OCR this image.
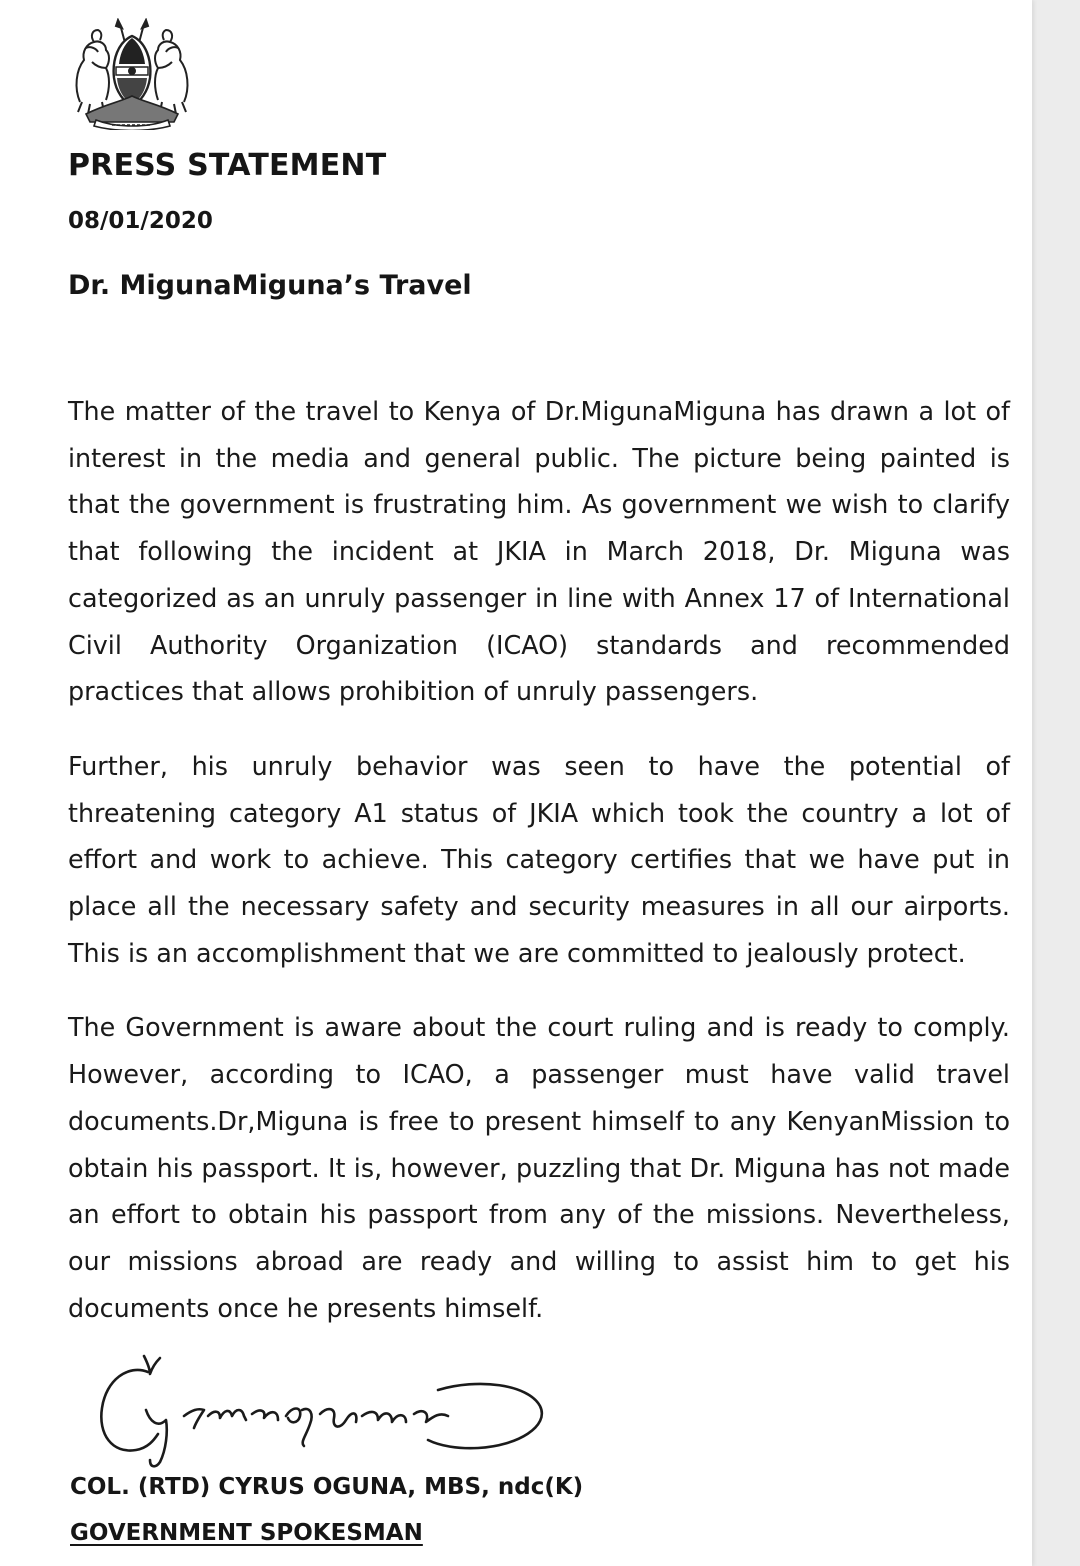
PRESS STATEMENT

08/01/2020

Dr. MigunaMiguna’s Travel

The matter of the travel to Kenya of Dr.MigunaMiguna has drawn a lot of interest in the media and general public. The picture being painted is that the government is frustrating him. As government we wish to clarify that following the incident at JKIA in March 2018, Dr. Miguna was categorized as an unruly passenger in line with Annex 17 of International Civil Authority Organization (ICAO) standards and recommended practices that allows prohibition of unruly passengers.

Further, his unruly behavior was seen to have the potential of threatening category A1 status of JKIA which took the country a lot of effort and work to achieve. This category certifies that we have put in place all the necessary safety and security measures in all our airports. This is an accomplishment that we are committed to jealously protect.

The Government is aware about the court ruling and is ready to comply. However, according to ICAO, a passenger must have valid travel documents.Dr,Miguna is free to present himself to any KenyanMission to obtain his passport. It is, however, puzzling that Dr. Miguna has not made an effort to obtain his passport from any of the missions. Nevertheless, our missions abroad are ready and willing to assist him to get his documents once he presents himself.

COL. (RTD) CYRUS OGUNA, MBS, ndc(K)

GOVERNMENT SPOKESMAN
